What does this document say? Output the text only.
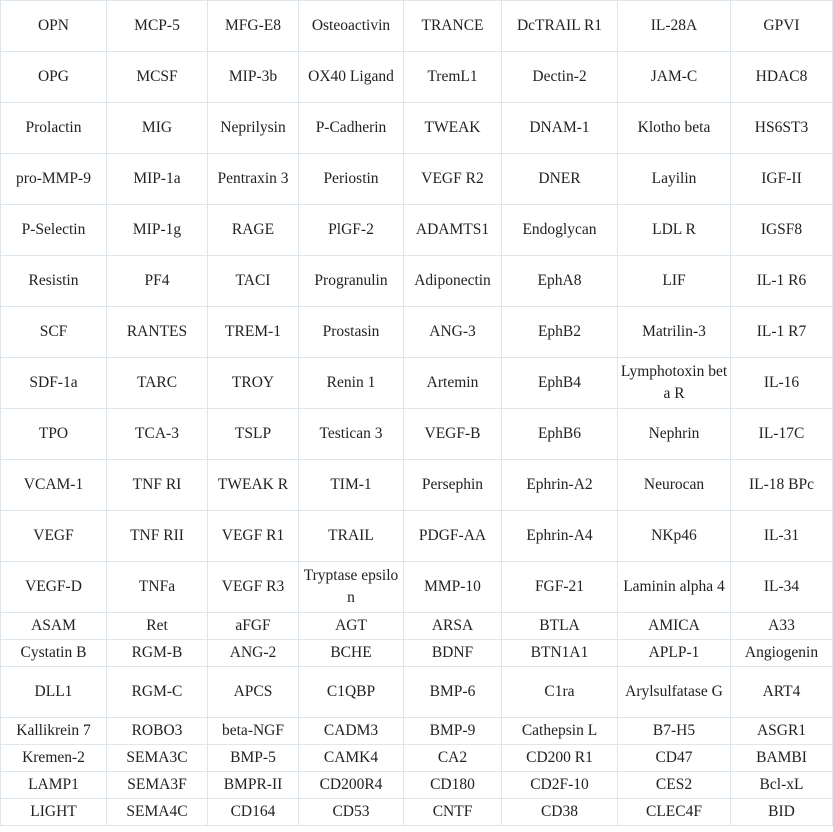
OPN	MCP-5	MFG-E8	Osteoactivin	TRANCE	DcTRAIL R1	IL-28A	GPVI
OPG	MCSF	MIP-3b	OX40 Ligand	TremL1	Dectin-2	JAM-C	HDAC8
Prolactin	MIG	Neprilysin	P-Cadherin	TWEAK	DNAM-1	Klotho beta	HS6ST3
pro-MMP-9	MIP-1a	Pentraxin 3	Periostin	VEGF R2	DNER	Layilin	IGF-II
P-Selectin	MIP-1g	RAGE	PlGF-2	ADAMTS1	Endoglycan	LDL R	IGSF8
Resistin	PF4	TACI	Progranulin	Adiponectin	EphA8	LIF	IL-1 R6
SCF	RANTES	TREM-1	Prostasin	ANG-3	EphB2	Matrilin-3	IL-1 R7
SDF-1a	TARC	TROY	Renin 1	Artemin	EphB4	Lymphotoxin beta R	IL-16
TPO	TCA-3	TSLP	Testican 3	VEGF-B	EphB6	Nephrin	IL-17C
VCAM-1	TNF RI	TWEAK R	TIM-1	Persephin	Ephrin-A2	Neurocan	IL-18 BPc
VEGF	TNF RII	VEGF R1	TRAIL	PDGF-AA	Ephrin-A4	NKp46	IL-31
VEGF-D	TNFa	VEGF R3	Tryptase epsilon	MMP-10	FGF-21	Laminin alpha 4	IL-34
ASAM	Ret	aFGF	AGT	ARSA	BTLA	AMICA	A33
Cystatin B	RGM-B	ANG-2	BCHE	BDNF	BTN1A1	APLP-1	Angiogenin
DLL1	RGM-C	APCS	C1QBP	BMP-6	C1ra	Arylsulfatase G	ART4
Kallikrein 7	ROBO3	beta-NGF	CADM3	BMP-9	Cathepsin L	B7-H5	ASGR1
Kremen-2	SEMA3C	BMP-5	CAMK4	CA2	CD200 R1	CD47	BAMBI
LAMP1	SEMA3F	BMPR-II	CD200R4	CD180	CD2F-10	CES2	Bcl-xL
LIGHT	SEMA4C	CD164	CD53	CNTF	CD38	CLEC4F	BID
